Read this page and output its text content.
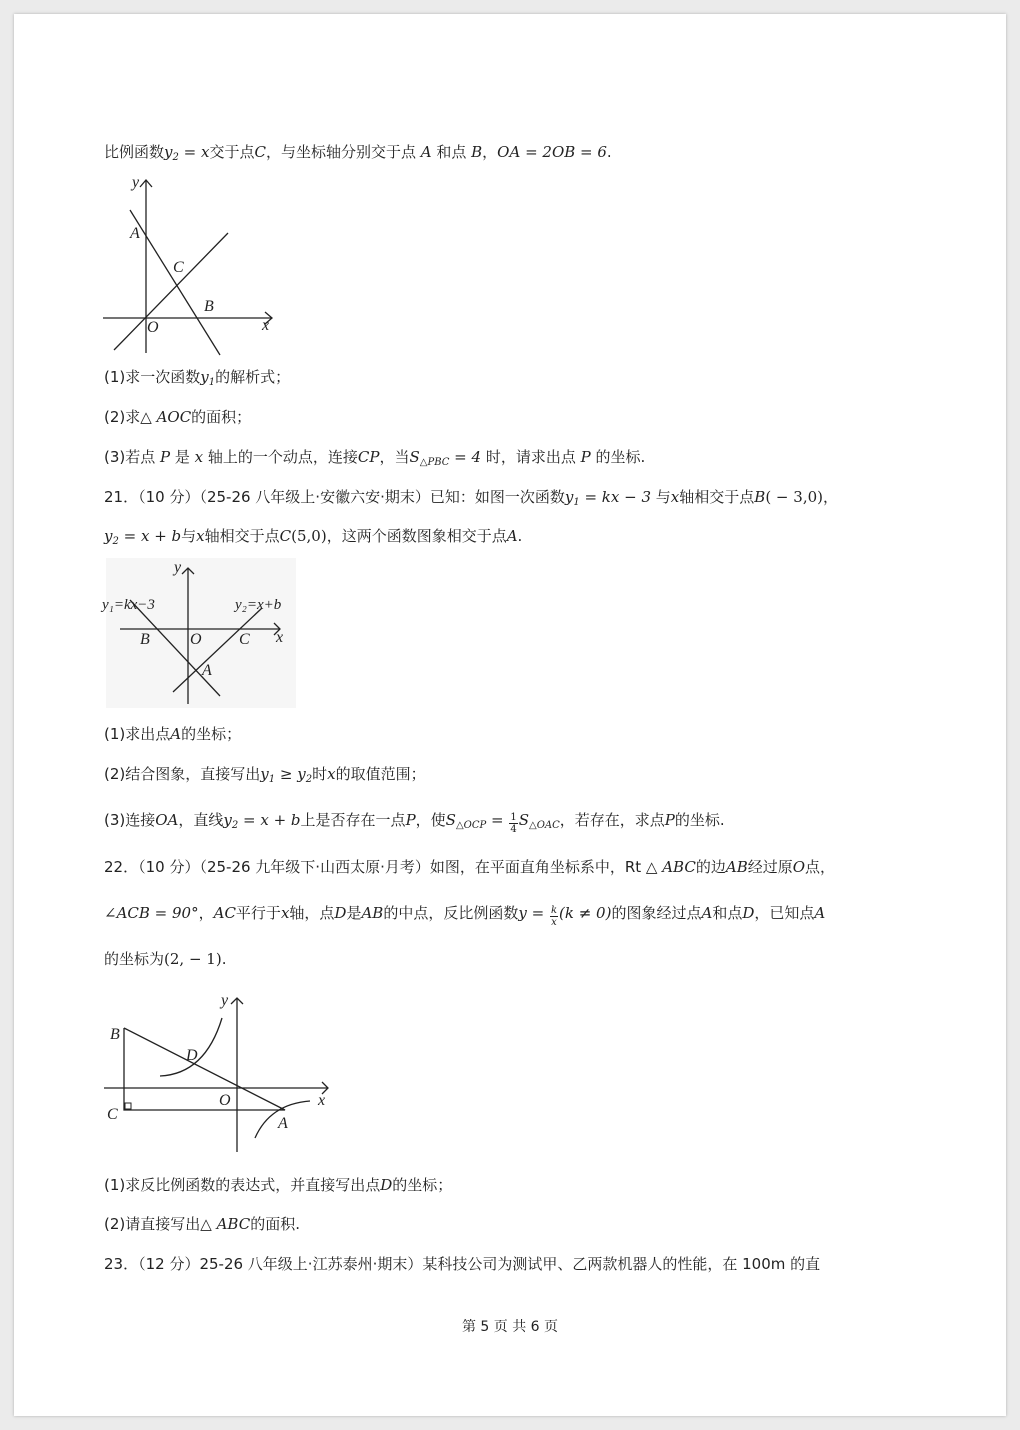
比例函数$y_2 = x$交于点C，与坐标轴分别交于点 A 和点 B，OA = 2OB = 6.
y
x
A
C
B
O
(1)求一次函数$y_1$的解析式；
(2)求△ AOC的面积；
(3)若点 P 是 x 轴上的一个动点，连接CP，当$S_{\triangle PBC} = 4$ 时，请求出点 P 的坐标.
21．（10 分）（25-26 八年级上·安徽六安·期末）已知：如图一次函数$y_1$ = kx − 3 与x轴相交于点B( − 3,0)，
$y_2 = x + b$与x轴相交于点C(5,0)，这两个函数图象相交于点A.
y
x
y₁=kx−3	y₂=x+b
B	O C
A
(1)求出点A的坐标；
(2)结合图象，直接写出$y_1 \ge y_2$时x的取值范围；
(3)连接OA，直线$y_2 = x + b$上是否存在一点P，使$S_{\triangle OCP} = \frac{1}{4} S_{\triangle OAC}$，若存在，求点P的坐标.
22．（10 分）（25-26 九年级下·山西太原·月考）如图，在平面直角坐标系中，Rt △ ABC的边AB经过原O点，
∠ACB = 90°，AC平行于x轴，点D是AB的中点，反比例函数$y = \frac{k}{x} (k \ne 0)$的图象经过点A和点D，已知点A
的坐标为(2, − 1).
y
x
B
D
O
C
A
(1)求反比例函数的表达式，并直接写出点D的坐标；
(2)请直接写出△ ABC的面积.
23．（12 分）25-26 八年级上·江苏泰州·期末）某科技公司为测试甲、乙两款机器人的性能，在 100m 的直
第 5 页 共 6 页
